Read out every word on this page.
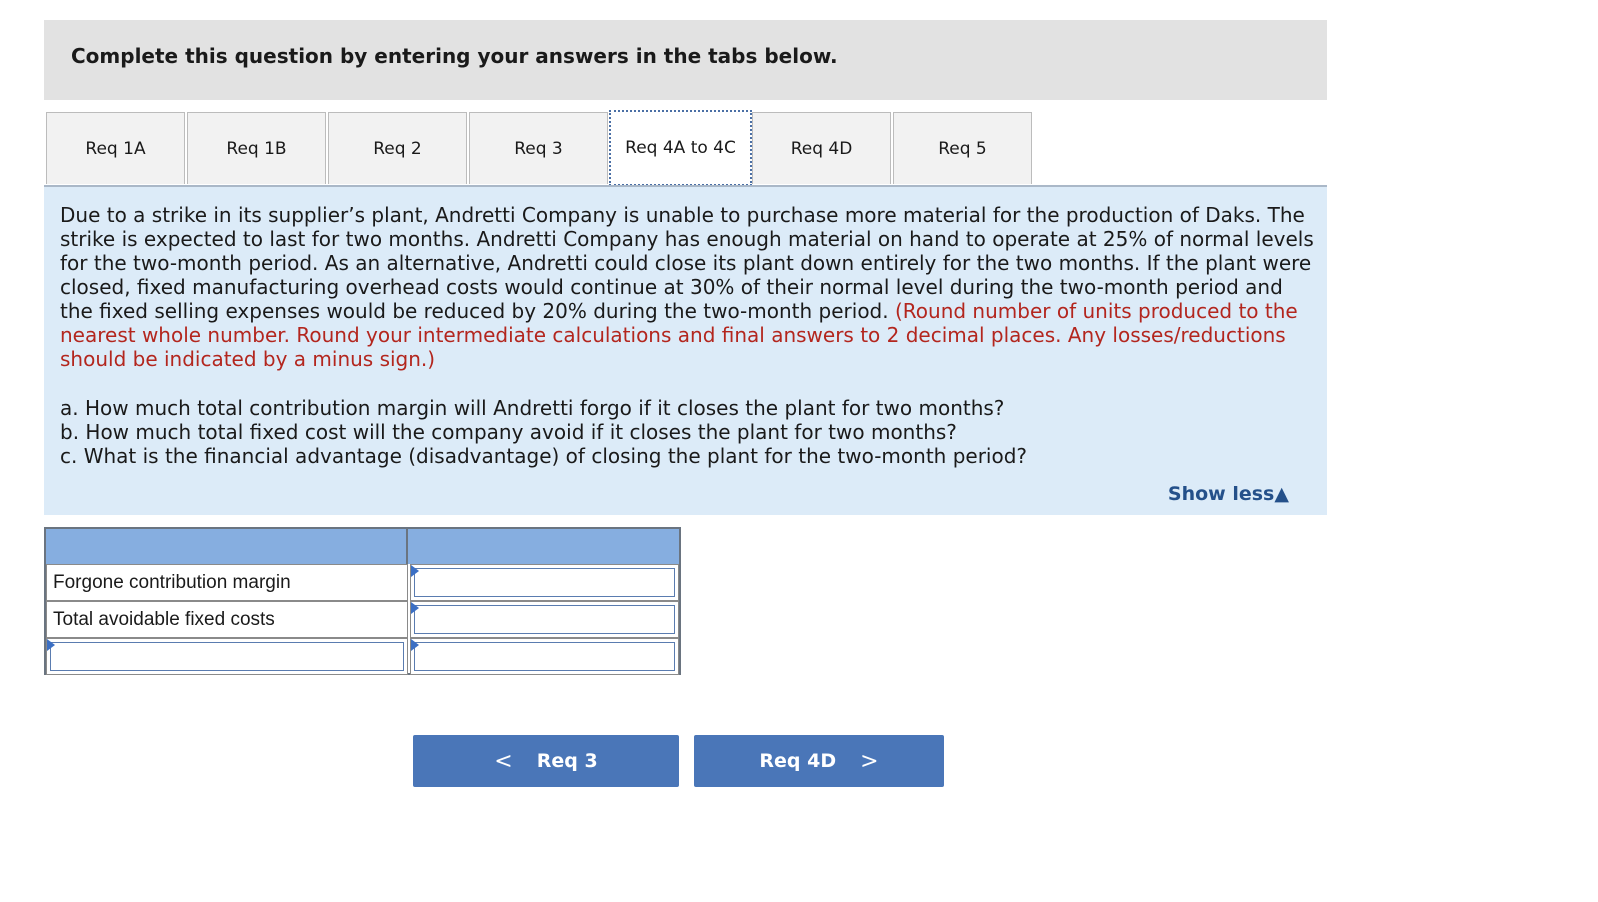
Complete this question by entering your answers in the tabs below.
Req 1A	Req 1B	Req 2	Req 3	Req 4A to 4C	Req 4D	Req 5

Due to a strike in its supplier’s plant, Andretti Company is unable to purchase more material for the production of Daks. The strike is expected to last for two months. Andretti Company has enough material on hand to operate at 25% of normal levels for the two-month period. As an alternative, Andretti could close its plant down entirely for the two months. If the plant were closed, fixed manufacturing overhead costs would continue at 30% of their normal level during the two-month period and the fixed selling expenses would be reduced by 20% during the two-month period. (Round number of units produced to the nearest whole number. Round your intermediate calculations and final answers to 2 decimal places. Any losses/reductions should be indicated by a minus sign.)

a. How much total contribution margin will Andretti forgo if it closes the plant for two months?
b. How much total fixed cost will the company avoid if it closes the plant for two months?
c. What is the financial advantage (disadvantage) of closing the plant for the two-month period?
Show less▲
Forgone contribution margin
Total avoidable fixed costs
< Req 3	Req 4D >
